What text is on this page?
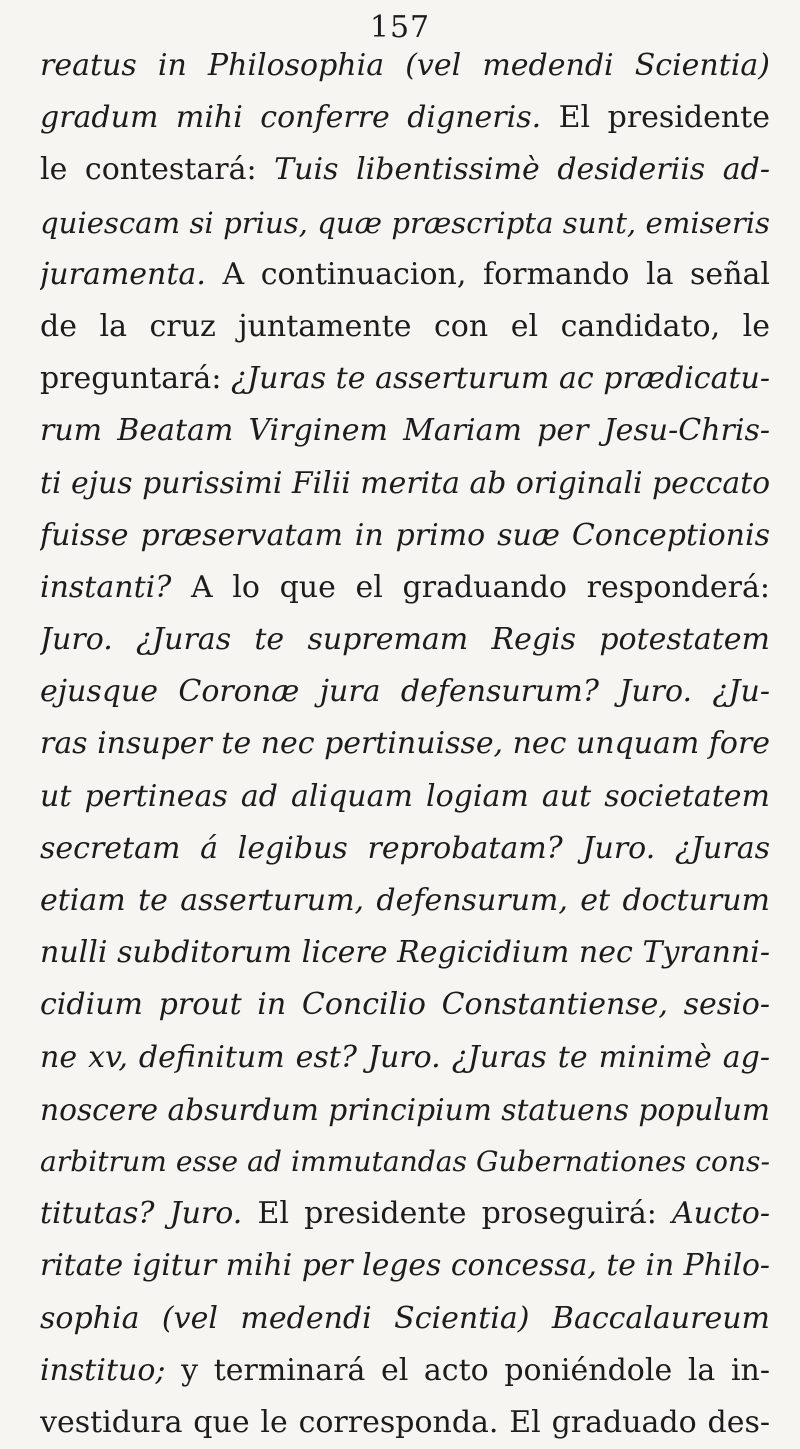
157
reatus in Philosophia (vel medendi Scientia)
gradum mihi conferre digneris. El presidente
le contestará: Tuis libentissimè desideriis ad-
quiescam si prius, quæ præscripta sunt, emiseris
juramenta. A continuacion, formando la señal
de la cruz juntamente con el candidato, le
preguntará: ¿Juras te asserturum ac prædicatu-
rum Beatam Virginem Mariam per Jesu-Chris-
ti ejus purissimi Filii merita ab originali peccato
fuisse præservatam in primo suæ Conceptionis
instanti? A lo que el graduando responderá:
Juro. ¿Juras te supremam Regis potestatem
ejusque Coronæ jura defensurum? Juro. ¿Ju-
ras insuper te nec pertinuisse, nec unquam fore
ut pertineas ad aliquam logiam aut societatem
secretam á legibus reprobatam? Juro. ¿Juras
etiam te asserturum, defensurum, et docturum
nulli subditorum licere Regicidium nec Tyranni-
cidium prout in Concilio Constantiense, sesio-
ne xv, definitum est? Juro. ¿Juras te minimè ag-
noscere absurdum principium statuens populum
arbitrum esse ad immutandas Gubernationes cons-
titutas? Juro. El presidente proseguirá: Aucto-
ritate igitur mihi per leges concessa, te in Philo-
sophia (vel medendi Scientia) Baccalaureum
instituo; y terminará el acto poniéndole la in-
vestidura que le corresponda. El graduado des-
